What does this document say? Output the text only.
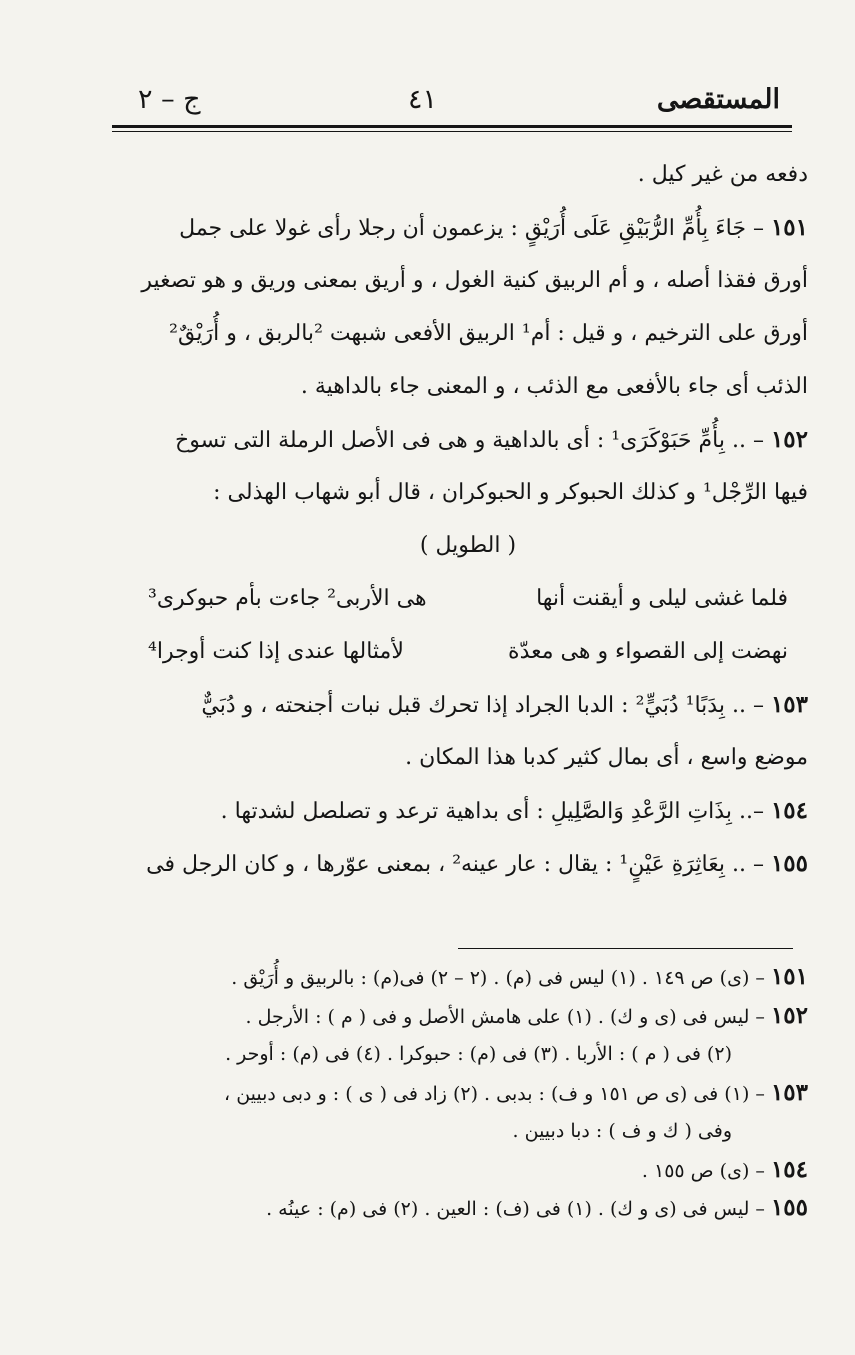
المستقصى
٤١
ج – ٢
دفعه من غير كيل .
١٥١ – جَاءَ بِأُمِّ الرُّبَيْقِ عَلَى أُرَيْقٍ : يزعمون أن رجلا رأى غولا على جمل
أورق فقذا أصله ، و أم الربيق كنية الغول ، و أريق بمعنى وريق و هو تصغير
أورق على الترخيم ، و قيل : أم¹ الربيق الأفعى شبهت ²بالربق ، و أُرَيْقٌ²
الذئب أى جاء بالأفعى مع الذئب ، و المعنى جاء بالداهية .
١٥٢ – .. بِأُمِّ حَبَوْكَرَى¹ : أى بالداهية و هى فى الأصل الرملة التى تسوخ
فيها الرِّجْل¹ و كذلك الحبوكر و الحبوكران ، قال أبو شهاب الهذلى :
( الطويل )
فلما غشى ليلى و أيقنت أنها
هى الأربى² جاءت بأم حبوكرى³
نهضت إلى القصواء و هى معدّة
لأمثالها عندى إذا كنت أوجرا⁴
١٥٣ – .. بِدَبًا¹ دُبَيٍّ² : الدبا الجراد إذا تحرك قبل نبات أجنحته ، و دُبَيٌّ
موضع واسع ، أى بمال كثير كدبا هذا المكان .
١٥٤ –.. بِذَاتِ الرَّعْدِ وَالصَّلِيلِ : أى بداهية ترعد و تصلصل لشدتها .
١٥٥ – .. بِعَاثِرَةِ عَيْنٍ¹ : يقال : عار عينه² ، بمعنى عوّرها ، و كان الرجل فى
١٥١ – (ى) ص ١٤٩ . (١) ليس فى (م) . (٢ – ٢) فى(م) : بالربيق و أُرَيْق .
١٥٢ – ليس فى (ى و ك) . (١) على هامش الأصل و فى ( م ) : الأرجل .
(٢) فى ( م ) : الأربا . (٣) فى (م) : حبوكرا . (٤) فى (م) : أوحر .
١٥٣ – (١) فى (ى ص ١٥١ و ف) : بدبى . (٢) زاد فى ( ى ) : و دبى دبيين ،
وفى ( ك و ف ) : دبا دبيين .
١٥٤ – (ى) ص ١٥٥ .
١٥٥ – ليس فى (ى و ك) . (١) فى (ف) : العين . (٢) فى (م) : عينُه .
